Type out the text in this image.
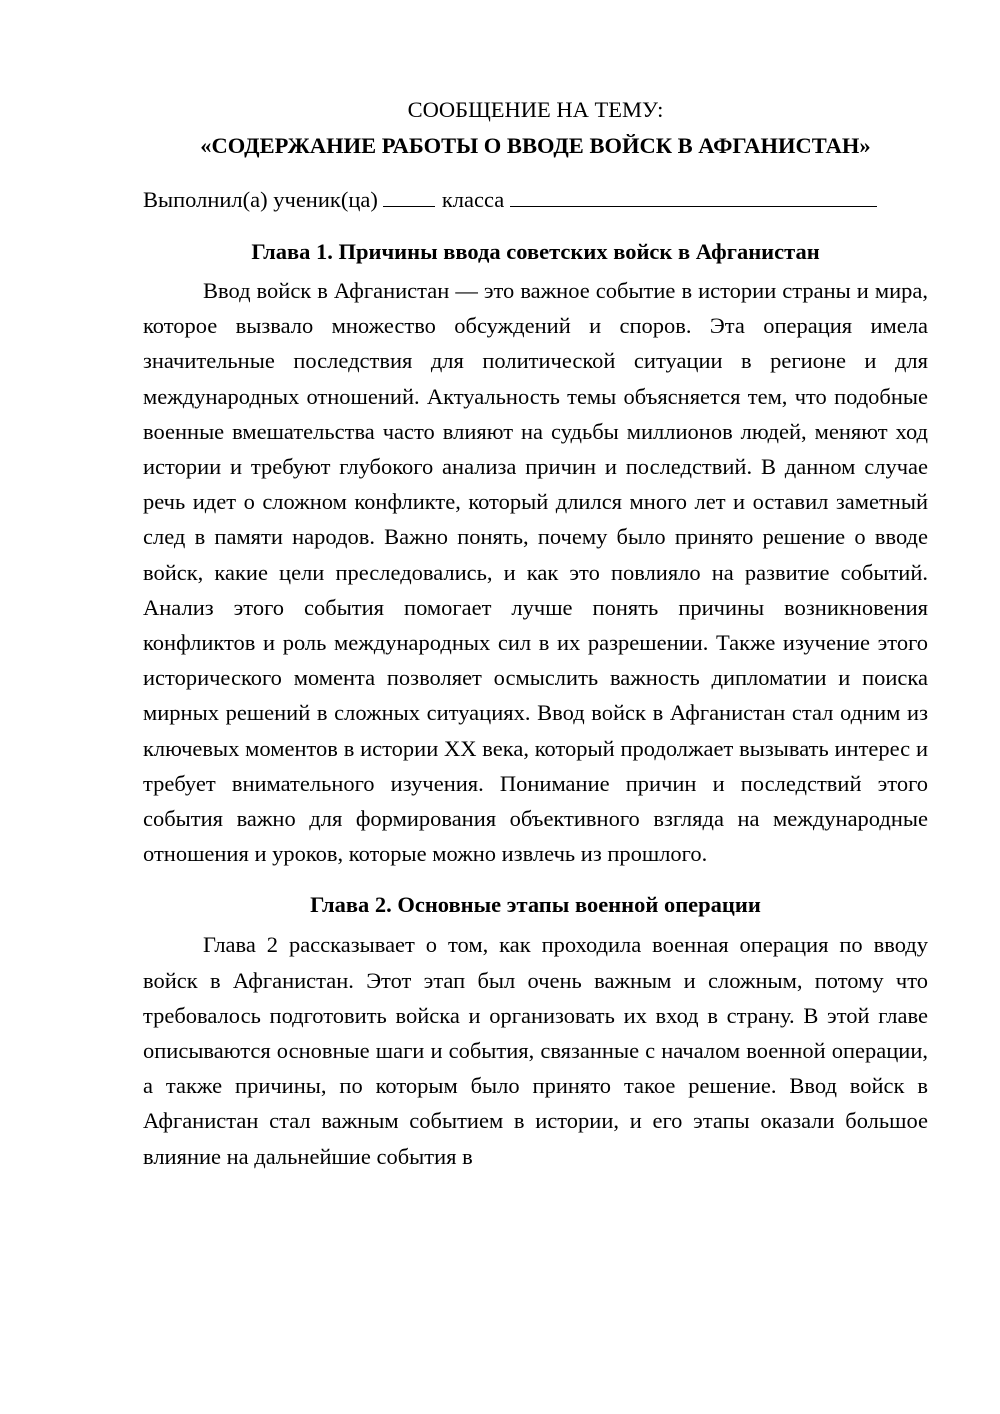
СООБЩЕНИЕ НА ТЕМУ:

«СОДЕРЖАНИЕ РАБОТЫ О ВВОДЕ ВОЙСК В АФГАНИСТАН»

Выполнил(а) ученик(ца)	класса

Глава 1. Причины ввода советских войск в Афганистан

Ввод войск в Афганистан — это важное событие в истории страны и мира, которое вызвало множество обсуждений и споров. Эта операция имела значительные последствия для политической ситуации в регионе и для международных отношений. Актуальность темы объясняется тем, что подобные военные вмешательства часто влияют на судьбы миллионов людей, меняют ход истории и требуют глубокого анализа причин и последствий. В данном случае речь идет о сложном конфликте, который длился много лет и оставил заметный след в памяти народов. Важно понять, почему было принято решение о вводе войск, какие цели преследовались, и как это повлияло на развитие событий. Анализ этого события помогает лучше понять причины возникновения конфликтов и роль международных сил в их разрешении. Также изучение этого исторического момента позволяет осмыслить важность дипломатии и поиска мирных решений в сложных ситуациях. Ввод войск в Афганистан стал одним из ключевых моментов в истории XX века, который продолжает вызывать интерес и требует внимательного изучения. Понимание причин и последствий этого события важно для формирования объективного взгляда на международные отношения и уроков, которые можно извлечь из прошлого.

Глава 2. Основные этапы военной операции

Глава 2 рассказывает о том, как проходила военная операция по вводу войск в Афганистан. Этот этап был очень важным и сложным, потому что требовалось подготовить войска и организовать их вход в страну. В этой главе описываются основные шаги и события, связанные с началом военной операции, а также причины, по которым было принято такое решение. Ввод войск в Афганистан стал важным событием в истории, и его этапы оказали большое влияние на дальнейшие события в
